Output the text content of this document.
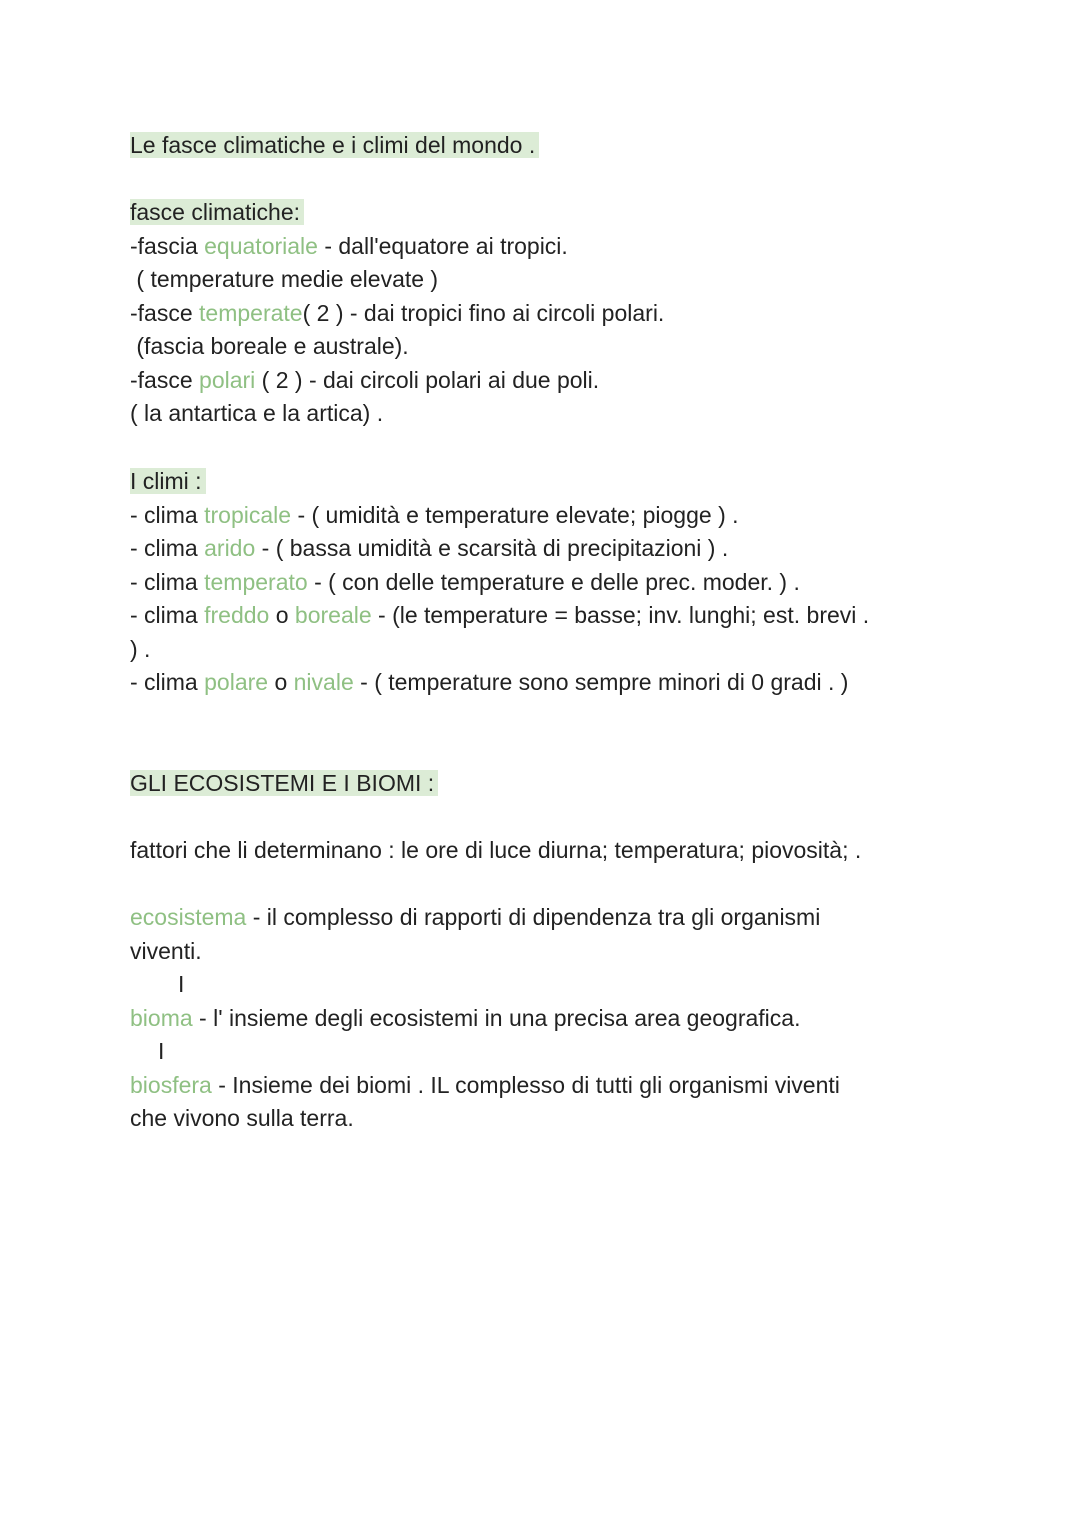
Le fasce climatiche e i climi del mondo .
fasce climatiche:
-fascia equatoriale - dall'equatore ai tropici.
( temperature medie elevate )
-fasce temperate( 2 ) - dai tropici fino ai circoli polari.
(fascia boreale e australe).
-fasce polari ( 2 ) - dai circoli polari ai due poli.
( la antartica e la artica) .
I climi :
- clima tropicale - ( umidità e temperature elevate; piogge ) .
- clima arido - ( bassa umidità e scarsità di precipitazioni ) .
- clima temperato - ( con delle temperature e delle prec. moder. ) .
- clima freddo o boreale - (le temperature = basse; inv. lunghi; est. brevi .
) .
- clima polare o nivale - ( temperature sono sempre minori di 0 gradi . )
GLI ECOSISTEMI E I BIOMI :
fattori che li determinano : le ore di luce diurna; temperatura; piovosità; .
ecosistema - il complesso di rapporti di dipendenza tra gli organismi
viventi.
I
bioma - l' insieme degli ecosistemi in una precisa area geografica.
I
biosfera - Insieme dei biomi . IL complesso di tutti gli organismi viventi
che vivono sulla terra.
